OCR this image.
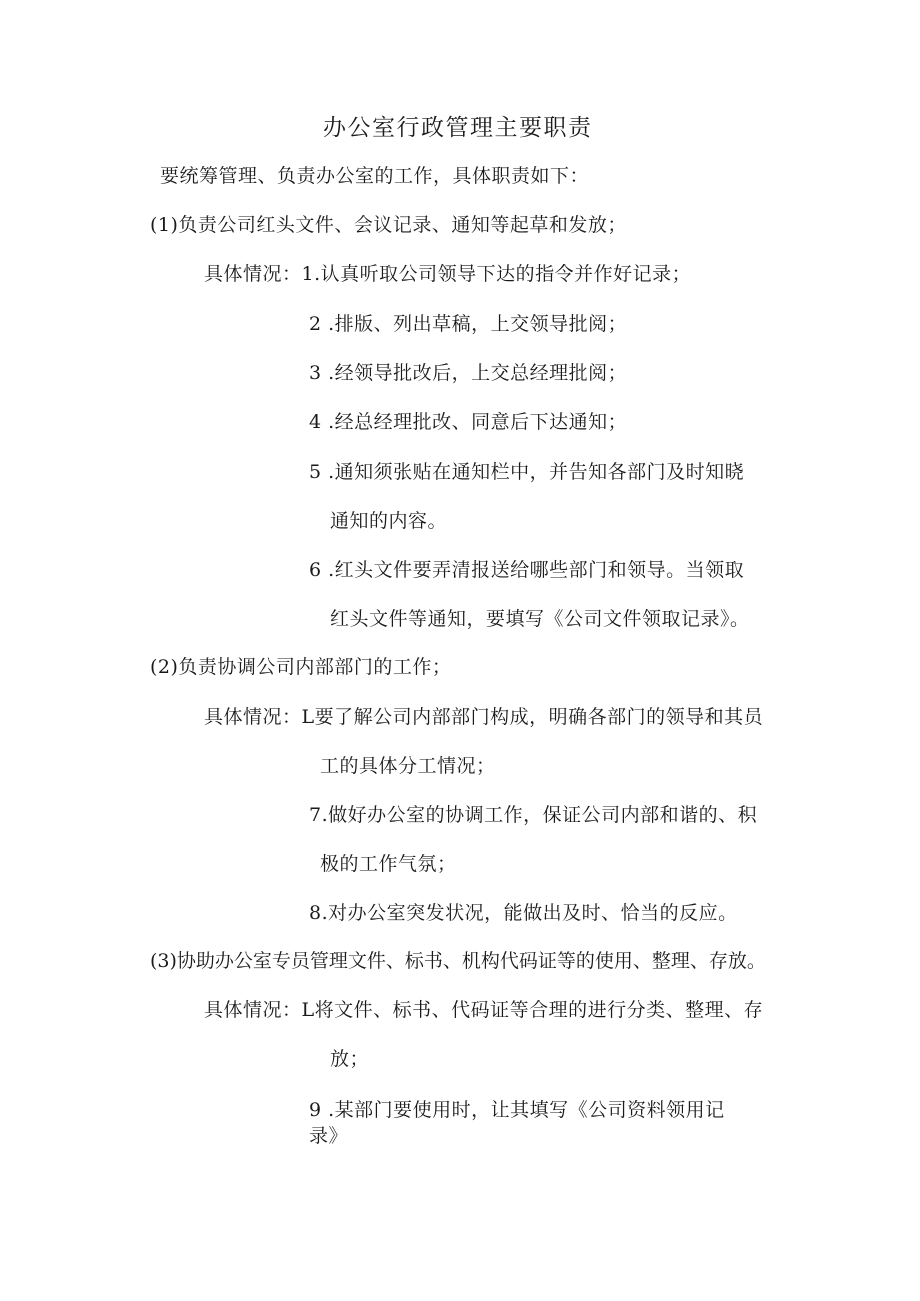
办公室行政管理主要职责
要统筹管理、负责办公室的工作，具体职责如下：
(1)负责公司红头文件、会议记录、通知等起草和发放；
具体情况：1.认真听取公司领导下达的指令并作好记录；
2 .排版、列出草稿，上交领导批阅；
3 .经领导批改后，上交总经理批阅；
4 .经总经理批改、同意后下达通知；
5 .通知须张贴在通知栏中，并告知各部门及时知晓
通知的内容。
6 .红头文件要弄清报送给哪些部门和领导。当领取
红头文件等通知，要填写《公司文件领取记录》。
(2)负责协调公司内部部门的工作；
具体情况：L要了解公司内部部门构成，明确各部门的领导和其员
工的具体分工情况；
7.做好办公室的协调工作，保证公司内部和谐的、积
极的工作气氛；
8.对办公室突发状况，能做出及时、恰当的反应。
(3)协助办公室专员管理文件、标书、机构代码证等的使用、整理、存放。
具体情况：L将文件、标书、代码证等合理的进行分类、整理、存
放；
9 .某部门要使用时，让其填写《公司资料领用记
录》
